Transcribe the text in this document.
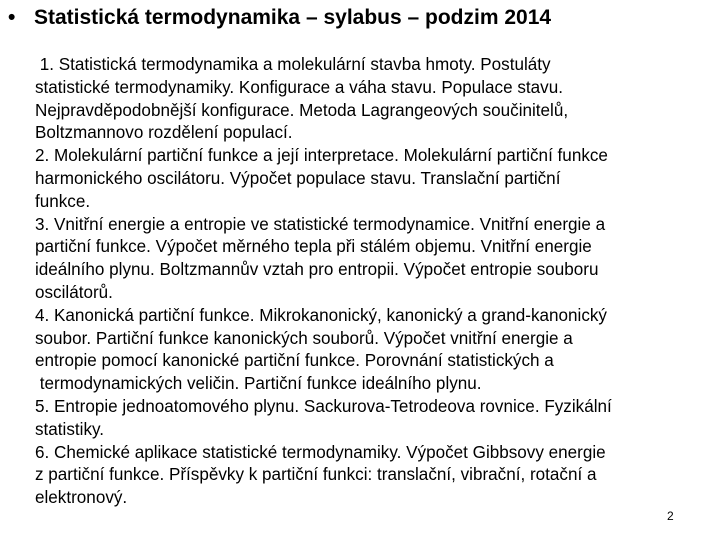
• Statistická termodynamika – sylabus – podzim 2014
1. Statistická termodynamika a molekulární stavba hmoty. Postuláty
statistické termodynamiky. Konfigurace a váha stavu. Populace stavu.
Nejpravděpodobnější konfigurace. Metoda Lagrangeových součinitelů,
Boltzmannovo rozdělení populací.
2. Molekulární partiční funkce a její interpretace. Molekulární partiční funkce
harmonického oscilátoru. Výpočet populace stavu. Translační partiční
funkce.
3. Vnitřní energie a entropie ve statistické termodynamice. Vnitřní energie a
partiční funkce. Výpočet měrného tepla při stálém objemu. Vnitřní energie
ideálního plynu. Boltzmannův vztah pro entropii. Výpočet entropie souboru
oscilátorů.
4. Kanonická partiční funkce. Mikrokanonický, kanonický a grand-kanonický
soubor. Partiční funkce kanonických souborů. Výpočet vnitřní energie a
entropie pomocí kanonické partiční funkce. Porovnání statistických a
termodynamických veličin. Partiční funkce ideálního plynu.
5. Entropie jednoatomového plynu. Sackurova-Tetrodeova rovnice. Fyzikální
statistiky.
6. Chemické aplikace statistické termodynamiky. Výpočet Gibbsovy energie
z partiční funkce. Příspěvky k partiční funkci: translační, vibrační, rotační a
elektronový.
2
